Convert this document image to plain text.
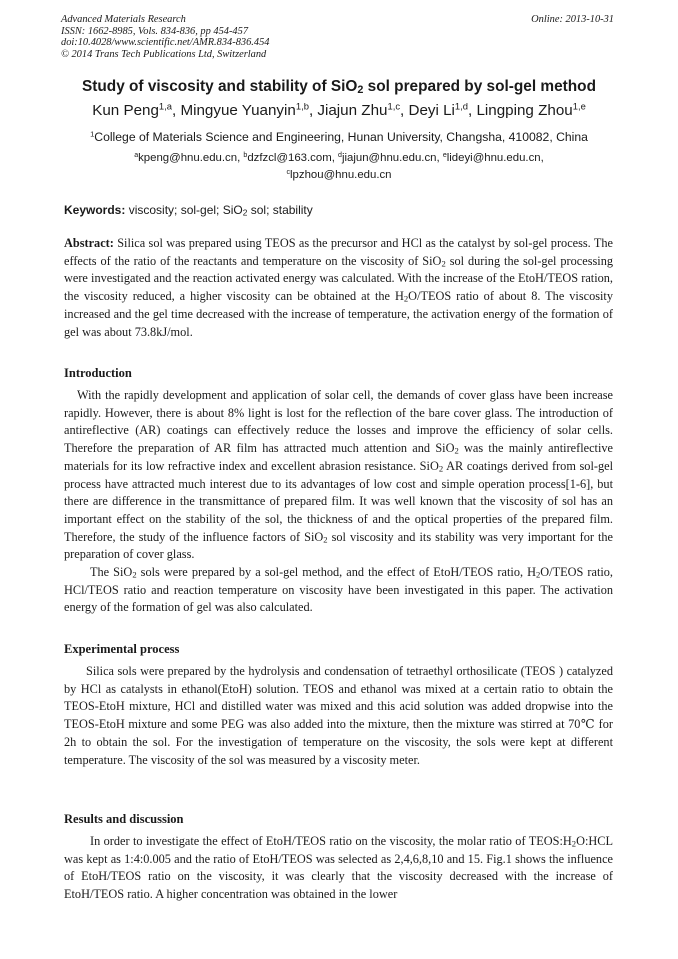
Advanced Materials Research
ISSN: 1662-8985, Vols. 834-836, pp 454-457
doi:10.4028/www.scientific.net/AMR.834-836.454
© 2014 Trans Tech Publications Ltd, Switzerland
Online: 2013-10-31
Study of viscosity and stability of SiO$_2$ sol prepared by sol-gel method
Kun Peng$^{1,a}$, Mingyue Yuanyin$^{1,b}$, Jiajun Zhu$^{1,c}$, Deyi Li$^{1,d}$, Lingping Zhou$^{1,e}$
$^1$College of Materials Science and Engineering, Hunan University, Changsha, 410082, China
$^a$kpeng@hnu.edu.cn, $^b$dzfzcl@163.com, $^d$jiajun@hnu.edu.cn, $^e$lideyi@hnu.edu.cn,
$^c$lpzhou@hnu.edu.cn
Keywords: viscosity; sol-gel; SiO$_2$ sol; stability

Abstract: Silica sol was prepared using TEOS as the precursor and HCl as the catalyst by sol-gel process. The effects of the ratio of the reactants and temperature on the viscosity of SiO$_2$ sol during the sol-gel processing were investigated and the reaction activated energy was calculated. With the increase of the EtoH/TEOS ration, the viscosity reduced, a higher viscosity can be obtained at the $H_2O$/TEOS ratio of about 8. The viscosity increased and the gel time decreased with the increase of temperature, the activation energy of the formation of gel was about 73.8kJ/mol.

Introduction

With the rapidly development and application of solar cell, the demands of cover glass have been increase rapidly. However, there is about 8% light is lost for the reflection of the bare cover glass. The introduction of antireflective (AR) coatings can effectively reduce the losses and improve the efficiency of solar cells. Therefore the preparation of AR film has attracted much attention and SiO$_2$ was the mainly antireflective materials for its low refractive index and excellent abrasion resistance. SiO$_2$ AR coatings derived from sol-gel process have attracted much interest due to its advantages of low cost and simple operation process[1-6], but there are difference in the transmittance of prepared film. It was well known that the viscosity of sol has an important effect on the stability of the sol, the thickness of and the optical properties of the prepared film. Therefore, the study of the influence factors of SiO$_2$ sol viscosity and its stability was very important for the preparation of cover glass.

The SiO$_2$ sols were prepared by a sol-gel method, and the effect of EtoH/TEOS ratio, $H_2O$/TEOS ratio, HCl/TEOS ratio and reaction temperature on viscosity have been investigated in this paper. The activation energy of the formation of gel was also calculated.

Experimental process

Silica sols were prepared by the hydrolysis and condensation of tetraethyl orthosilicate (TEOS ) catalyzed by HCl as catalysts in ethanol(EtoH) solution. TEOS and ethanol was mixed at a certain ratio to obtain the TEOS-EtoH mixture, HCl and distilled water was mixed and this acid solution was added dropwise into the TEOS-EtoH mixture and some PEG was also added into the mixture, then the mixture was stirred at 70℃ for 2h to obtain the sol. For the investigation of temperature on the viscosity, the sols were kept at different temperature. The viscosity of the sol was measured by a viscosity meter.

Results and discussion

In order to investigate the effect of EtoH/TEOS ratio on the viscosity, the molar ratio of $TEOS:H_2O:HCL$ was kept as 1:4:0.005 and the ratio of EtoH/TEOS was selected as 2,4,6,8,10 and 15. Fig.1 shows the influence of EtoH/TEOS ratio on the viscosity, it was clearly that the viscosity decreased with the increase of EtoH/TEOS ratio. A higher concentration was obtained in the lower
